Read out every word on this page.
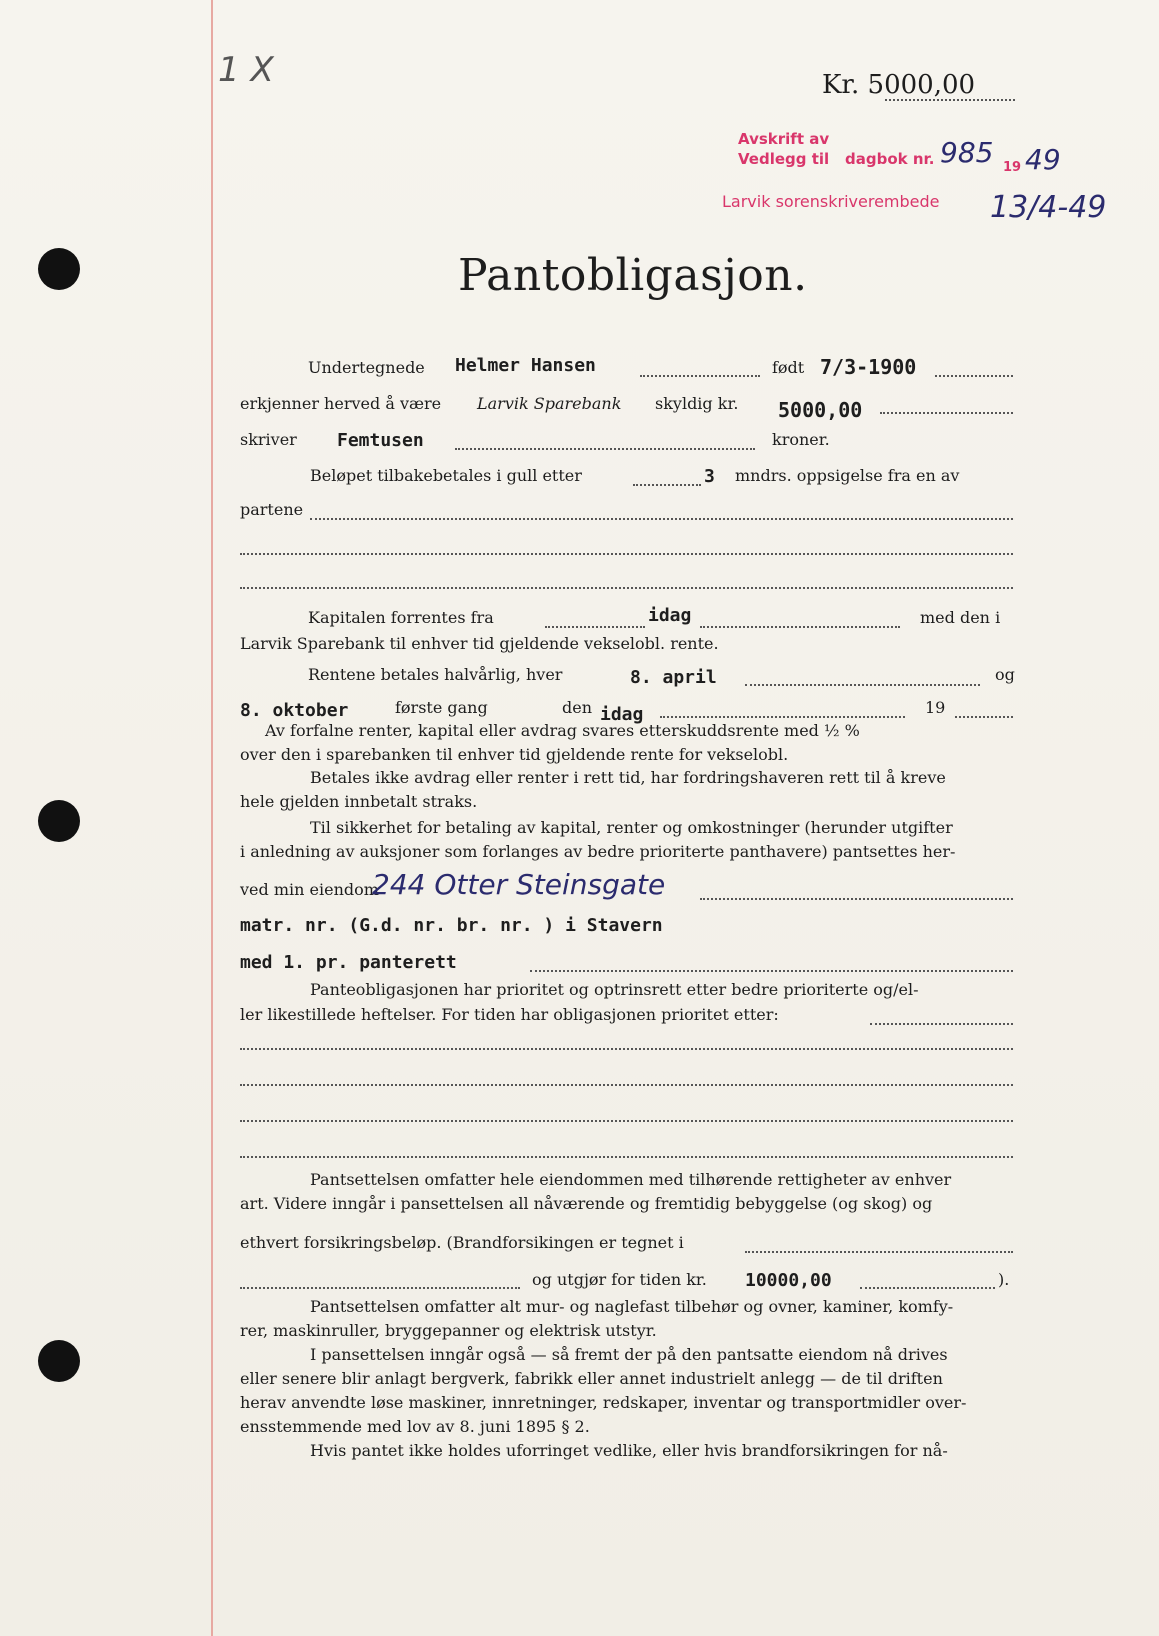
1 X	Kr. 5000,00
Avskrift av
Vedlegg til dagbok nr. 985 19 49
Larvik sorenskriverembede 13/4-49
Pantobligasjon.
Undertegnede Helmer Hansen	født 7/3-1900
erkjenner herved å være Larvik Sparebank skyldig kr. 5000,00
skriver Femtusen	kroner.
Beløpet tilbakebetales i gull etter	3 mndrs. oppsigelse fra en av
partene
Kapitalen forrentes fra	idag	med den i
Larvik Sparebank til enhver tid gjeldende vekselobl. rente.
Rentene betales halvårlig, hver	8. april	og
8. oktober	første gang	den idag	19
Av forfalne renter, kapital eller avdrag svares etterskuddsrente med ½ %
over den i sparebanken til enhver tid gjeldende rente for vekselobl.
Betales ikke avdrag eller renter i rett tid, har fordringshaveren rett til å kreve
hele gjelden innbetalt straks.
Til sikkerhet for betaling av kapital, renter og omkostninger (herunder utgifter
i anledning av auksjoner som forlanges av bedre prioriterte panthavere) pantsettes her-
ved min eiendom
244 Otter Steinsgate
matr. nr. (G.d. nr. br. nr. ) i Stavern
med 1. pr. panterett
Panteobligasjonen har prioritet og optrinsrett etter bedre prioriterte og/el-
ler likestillede heftelser. For tiden har obligasjonen prioritet etter:
Pantsettelsen omfatter hele eiendommen med tilhørende rettigheter av enhver
art. Videre inngår i pansettelsen all nåværende og fremtidig bebyggelse (og skog) og
ethvert forsikringsbeløp. (Brandforsikingen er tegnet i
og utgjør for tiden kr. 10000,00	).
Pantsettelsen omfatter alt mur- og naglefast tilbehør og ovner, kaminer, komfy-
rer, maskinruller, bryggepanner og elektrisk utstyr.
I pansettelsen inngår også — så fremt der på den pantsatte eiendom nå drives
eller senere blir anlagt bergverk, fabrikk eller annet industrielt anlegg — de til driften
herav anvendte løse maskiner, innretninger, redskaper, inventar og transportmidler over-
ensstemmende med lov av 8. juni 1895 § 2.
Hvis pantet ikke holdes uforringet vedlike, eller hvis brandforsikringen for nå-
